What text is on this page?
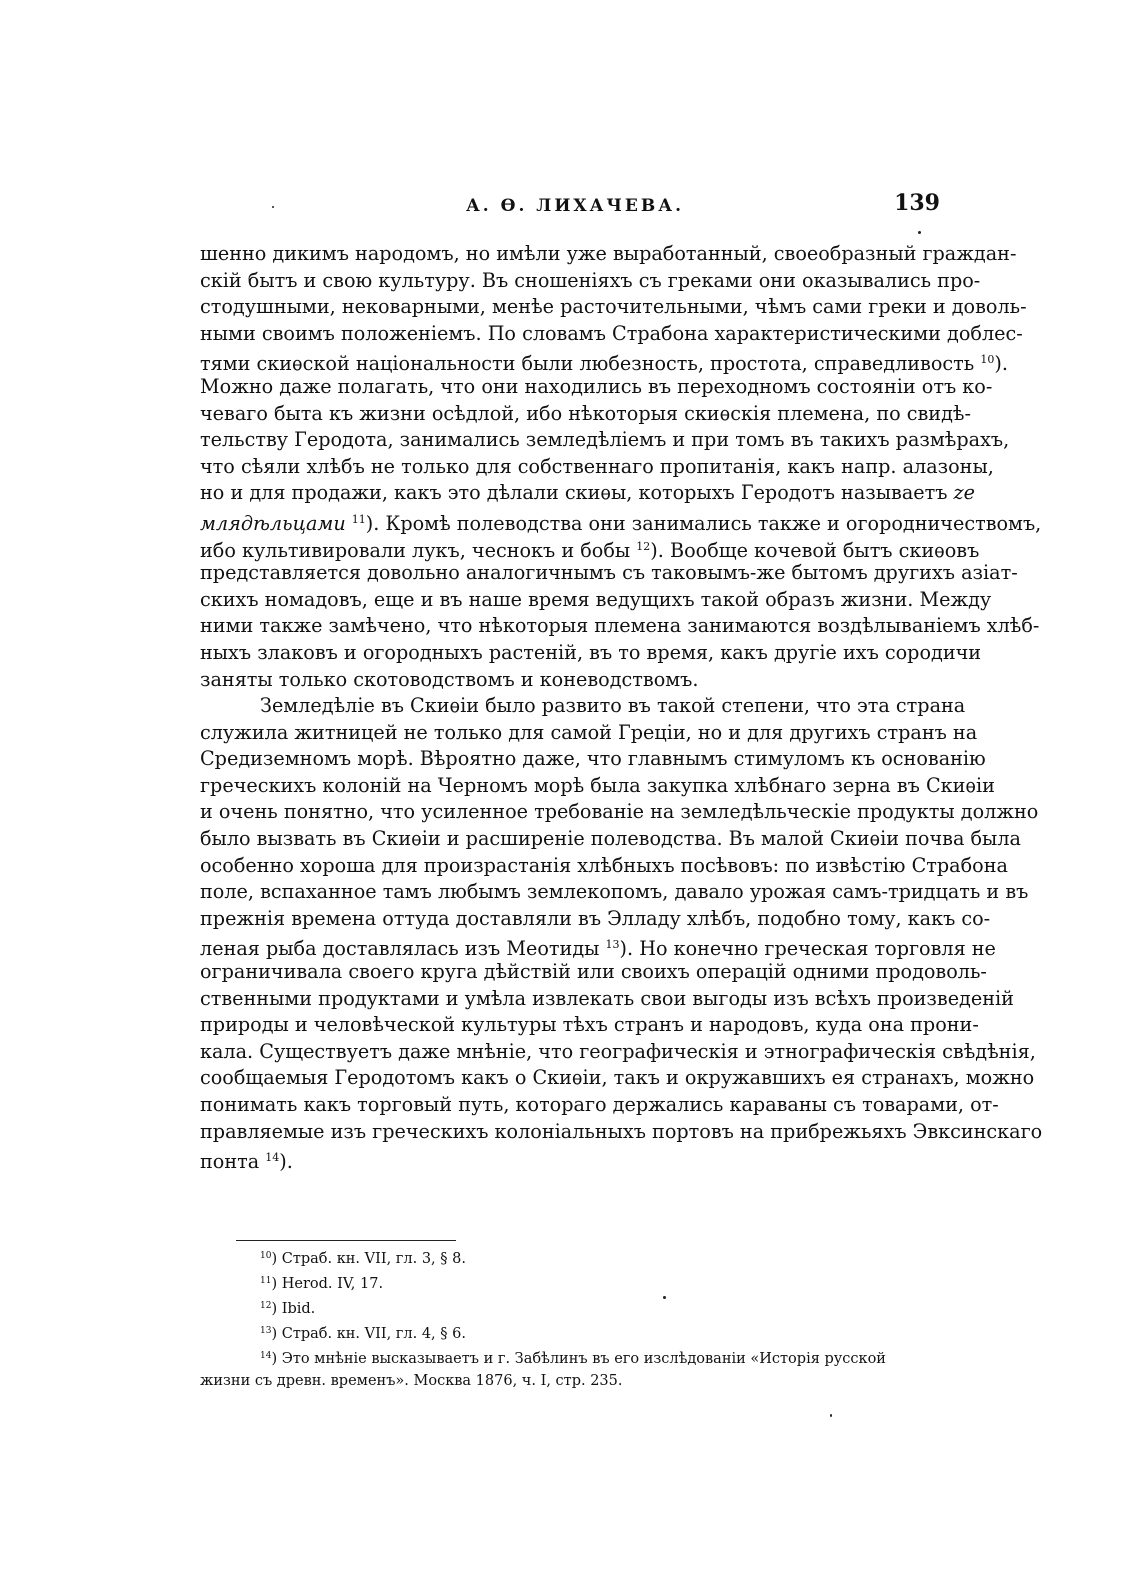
А. Ө. ЛИХАЧЕВА.	139
шенно дикимъ народомъ, но имѣли уже выработанный, своеобразный граждан-
скій бытъ и свою культуру. Въ сношеніяхъ съ греками они оказывались про-
стодушными, нековарными, менѣе расточительными, чѣмъ сами греки и доволь-
ными своимъ положеніемъ. По словамъ Страбона характеристическими доблес-
тями скиѳской національности были любезность, простота, справедливость $^{10}$).
Можно даже полагать, что они находились въ переходномъ состояніи отъ ко-
чеваго быта къ жизни осѣдлой, ибо нѣкоторыя скиѳскія племена, по свидѣ-
тельству Геродота, занимались земледѣліемъ и при томъ въ такихъ размѣрахъ,
что сѣяли хлѣбъ не только для собственнаго пропитанія, какъ напр. алазоны,
но и для продажи, какъ это дѣлали скиѳы, которыхъ Геродотъ называетъ ze
млядѣльцами $^{11}$). Кромѣ полеводства они занимались также и огородничествомъ,
ибо культивировали лукъ, чеснокъ и бобы $^{12}$). Вообще кочевой бытъ скиѳовъ
представляется довольно аналогичнымъ съ таковымъ-же бытомъ другихъ азіат-
скихъ номадовъ, еще и въ наше время ведущихъ такой образъ жизни. Между
ними также замѣчено, что нѣкоторыя племена занимаются воздѣлываніемъ хлѣб-
ныхъ злаковъ и огородныхъ растеній, въ то время, какъ другіе ихъ сородичи
заняты только скотоводствомъ и коневодствомъ.
Земледѣліе въ Скиѳіи было развито въ такой степени, что эта страна
служила житницей не только для самой Греціи, но и для другихъ странъ на
Средиземномъ морѣ. Вѣроятно даже, что главнымъ стимуломъ къ основанію
греческихъ колоній на Черномъ морѣ была закупка хлѣбнаго зерна въ Скиѳіи
и очень понятно, что усиленное требованіе на земледѣльческіе продукты должно
было вызвать въ Скиѳіи и расширеніе полеводства. Въ малой Скиѳіи почва была
особенно хороша для произрастанія хлѣбныхъ посѣвовъ: по извѣстію Страбона
поле, вспаханное тамъ любымъ землекопомъ, давало урожая самъ-тридцать и въ
прежнія времена оттуда доставляли въ Элладу хлѣбъ, подобно тому, какъ со-
леная рыба доставлялась изъ Меотиды $^{13}$). Но конечно греческая торговля не
ограничивала своего круга дѣйствій или своихъ операцій одними продоволь-
ственными продуктами и умѣла извлекать свои выгоды изъ всѣхъ произведеній
природы и человѣческой культуры тѣхъ странъ и народовъ, куда она прони-
кала. Существуетъ даже мнѣніе, что географическія и этнографическія свѣдѣнія,
сообщаемыя Геродотомъ какъ о Скиѳіи, такъ и окружавшихъ ея странахъ, можно
понимать какъ торговый путь, котораго держались караваны съ товарами, от-
правляемые изъ греческихъ колоніальныхъ портовъ на прибрежьяхъ Эвксинскаго
понта $^{14}$).
$^{10}$) Страб. кн. VII, гл. 3, § 8.
$^{11}$) Herod. IV, 17.
$^{12}$) Ibid.
$^{13}$) Страб. кн. VII, гл. 4, § 6.
$^{14}$) Это мнѣніе высказываетъ и г. Забѣлинъ въ его изслѣдованіи «Исторія русской
жизни съ древн. временъ». Москва 1876, ч. I, стр. 235.
